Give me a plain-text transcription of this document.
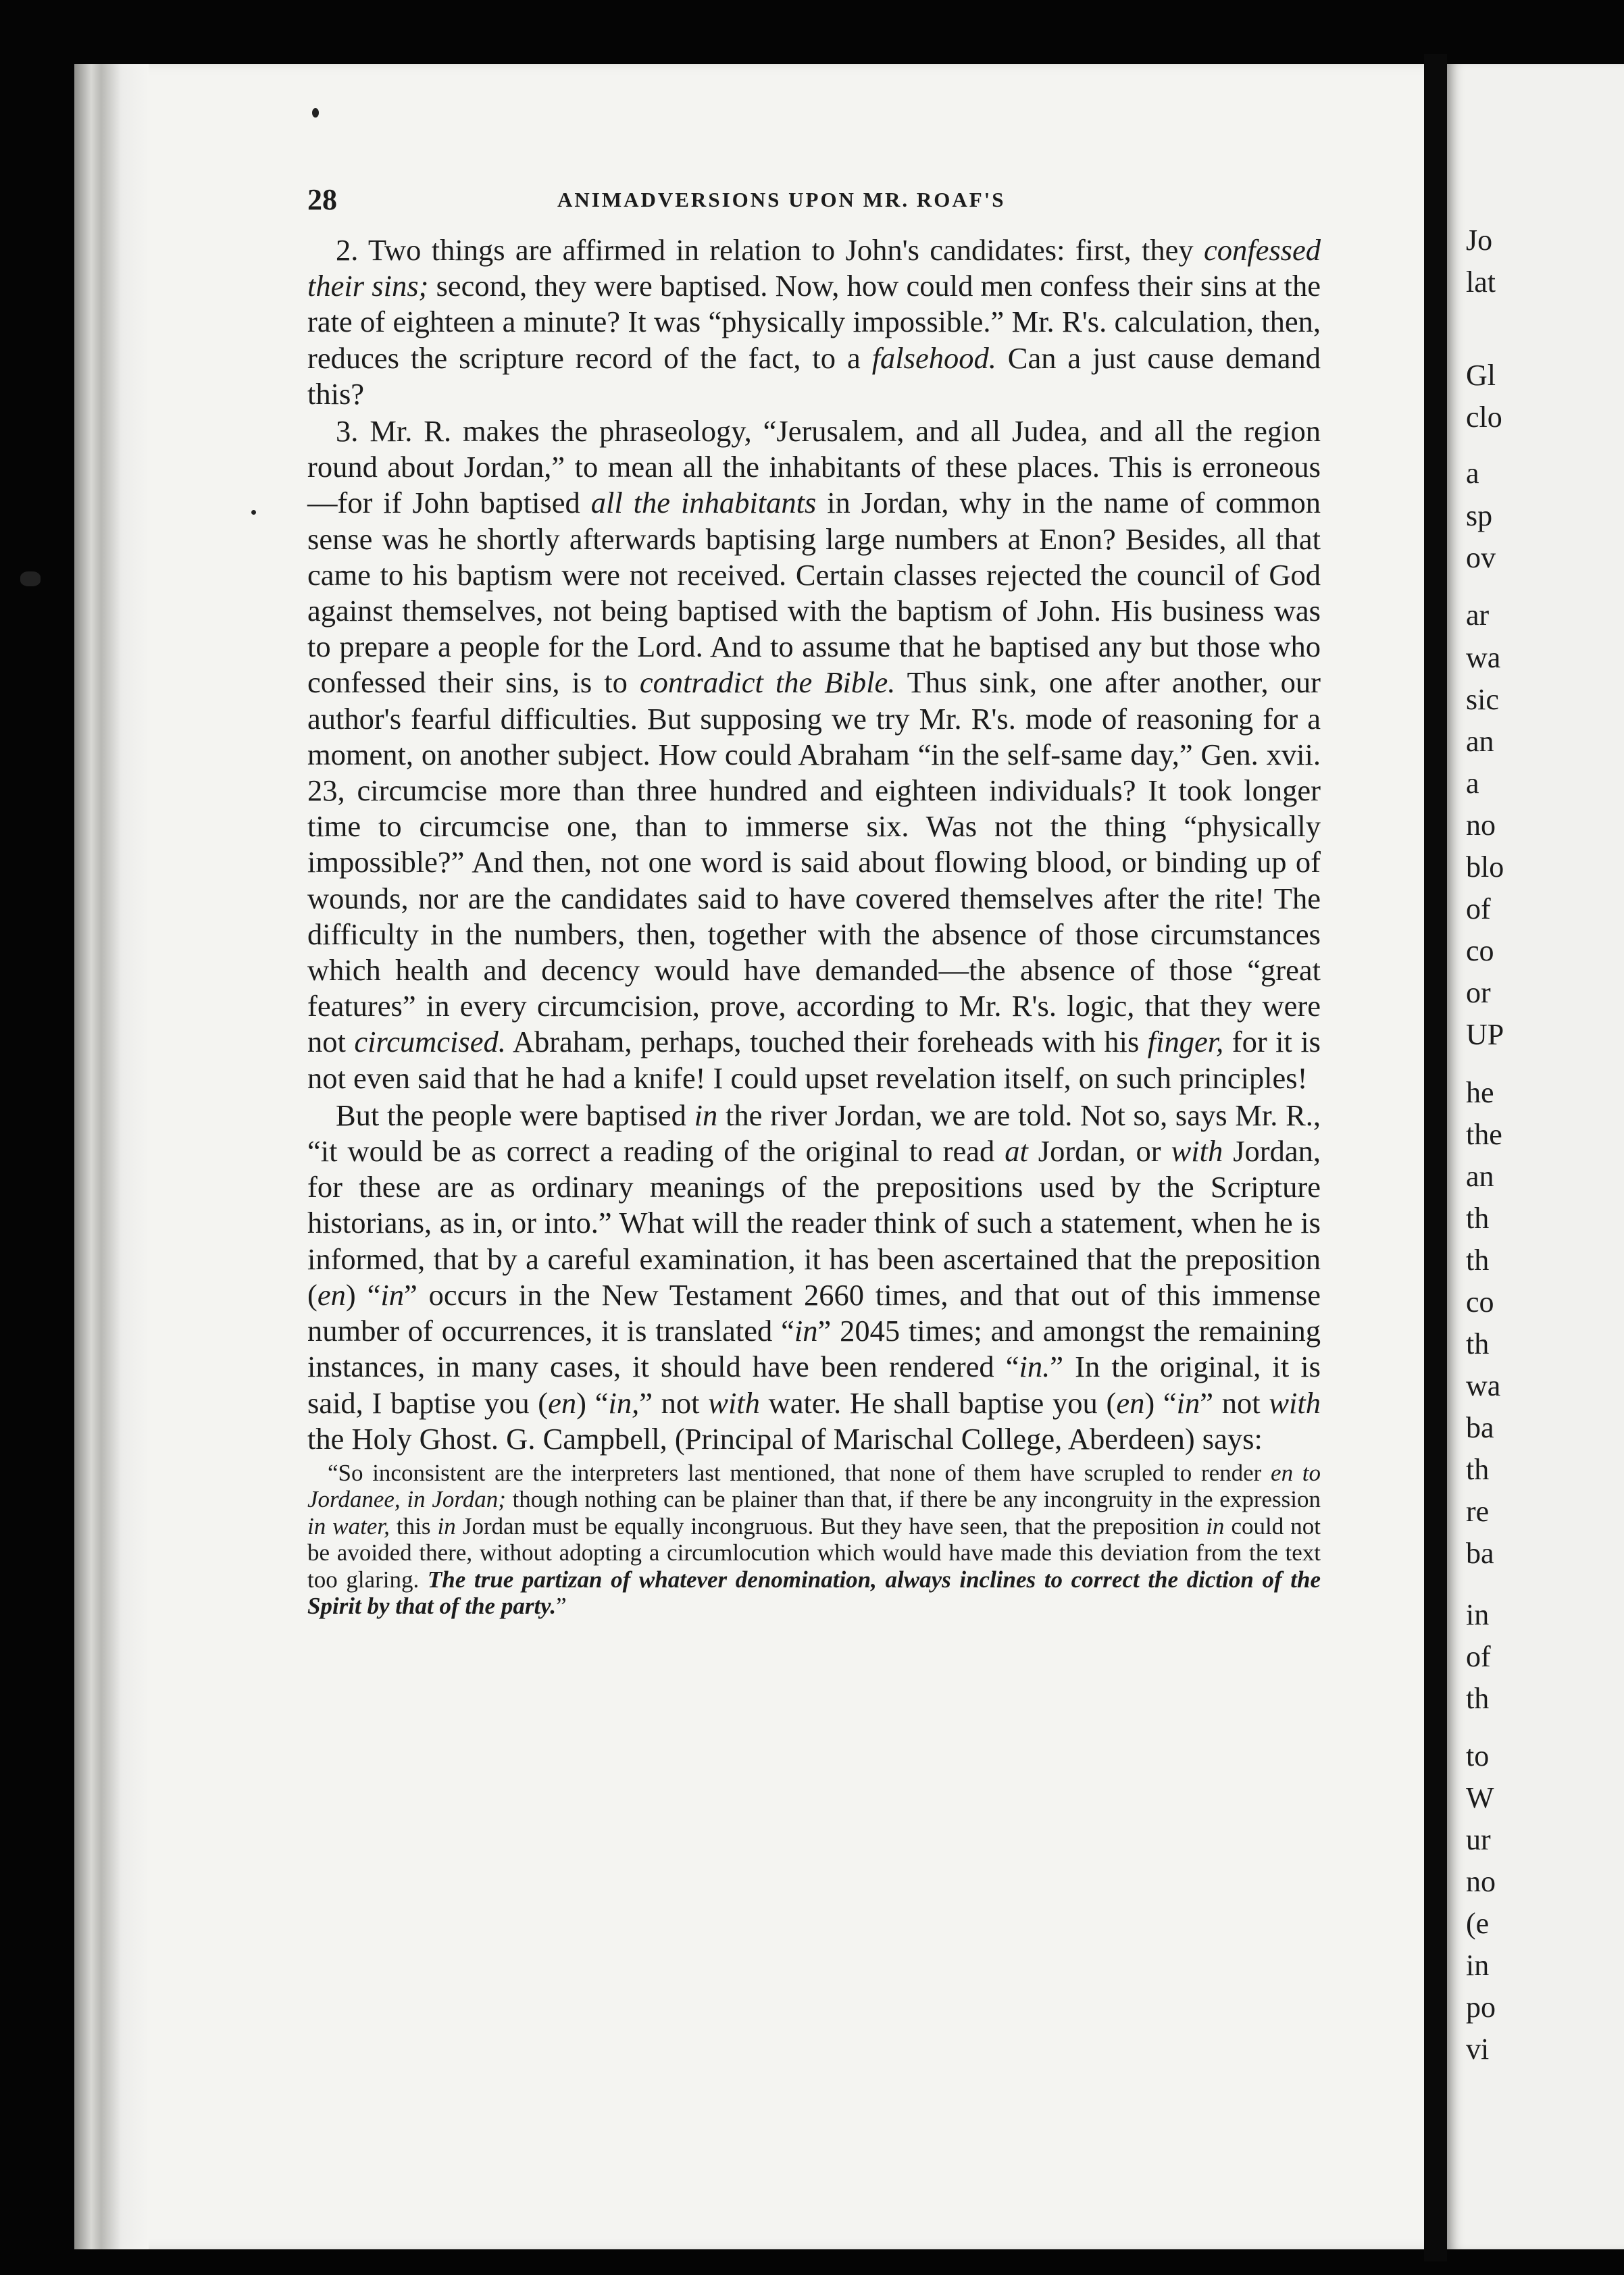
28	ANIMADVERSIONS UPON MR. ROAF'S

2. Two things are affirmed in relation to John's candidates: first, they confessed their sins; second, they were baptised. Now, how could men confess their sins at the rate of eighteen a minute? It was “physically impossible.” Mr. R's. calculation, then, reduces the scripture record of the fact, to a falsehood. Can a just cause demand this?

3. Mr. R. makes the phraseology, “Jerusalem, and all Judea, and all the region round about Jordan,” to mean all the inhabitants of these places. This is erroneous—for if John baptised all the inhabitants in Jordan, why in the name of common sense was he shortly afterwards baptising large numbers at Enon? Besides, all that came to his baptism were not received. Certain classes rejected the council of God against themselves, not being baptised with the baptism of John. His business was to prepare a people for the Lord. And to assume that he baptised any but those who confessed their sins, is to contradict the Bible. Thus sink, one after another, our author's fearful difficulties. But supposing we try Mr. R's. mode of reasoning for a moment, on another subject. How could Abraham “in the self-same day,” Gen. xvii. 23, circumcise more than three hundred and eighteen individuals? It took longer time to circumcise one, than to immerse six. Was not the thing “physically impossible?” And then, not one word is said about flowing blood, or binding up of wounds, nor are the candidates said to have covered themselves after the rite! The difficulty in the numbers, then, together with the absence of those circumstances which health and decency would have demanded—the absence of those “great features” in every circumcision, prove, according to Mr. R's. logic, that they were not circumcised. Abraham, perhaps, touched their foreheads with his finger, for it is not even said that he had a knife! I could upset revelation itself, on such principles!

But the people were baptised in the river Jordan, we are told. Not so, says Mr. R., “it would be as correct a reading of the original to read at Jordan, or with Jordan, for these are as ordinary meanings of the prepositions used by the Scripture historians, as in, or into.” What will the reader think of such a statement, when he is informed, that by a careful examination, it has been ascertained that the preposition (en) “in” occurs in the New Testament 2660 times, and that out of this immense number of occurrences, it is translated “in” 2045 times; and amongst the remaining instances, in many cases, it should have been rendered “in.” In the original, it is said, I baptise you (en) “in,” not with water. He shall baptise you (en) “in” not with the Holy Ghost. G. Campbell, (Principal of Marischal College, Aberdeen) says:

“So inconsistent are the interpreters last mentioned, that none of them have scrupled to render en to Jordanee, in Jordan; though nothing can be plainer than that, if there be any incongruity in the expression in water, this in Jordan must be equally incongruous. But they have seen, that the preposition in could not be avoided there, without adopting a circumlocution which would have made this deviation from the text too glaring. The true partizan of whatever denomination, always inclines to correct the diction of the Spirit by that of the party.”

Jo
lat
Gl
clo
a
sp
ov
ar
wa
sic
an
a
no
blo
of
co
or
UP
he
the
an
th
th
co
th
wa
ba
th
re
ba
in
of
th
to
W
ur
no
(e
in
po
vi
